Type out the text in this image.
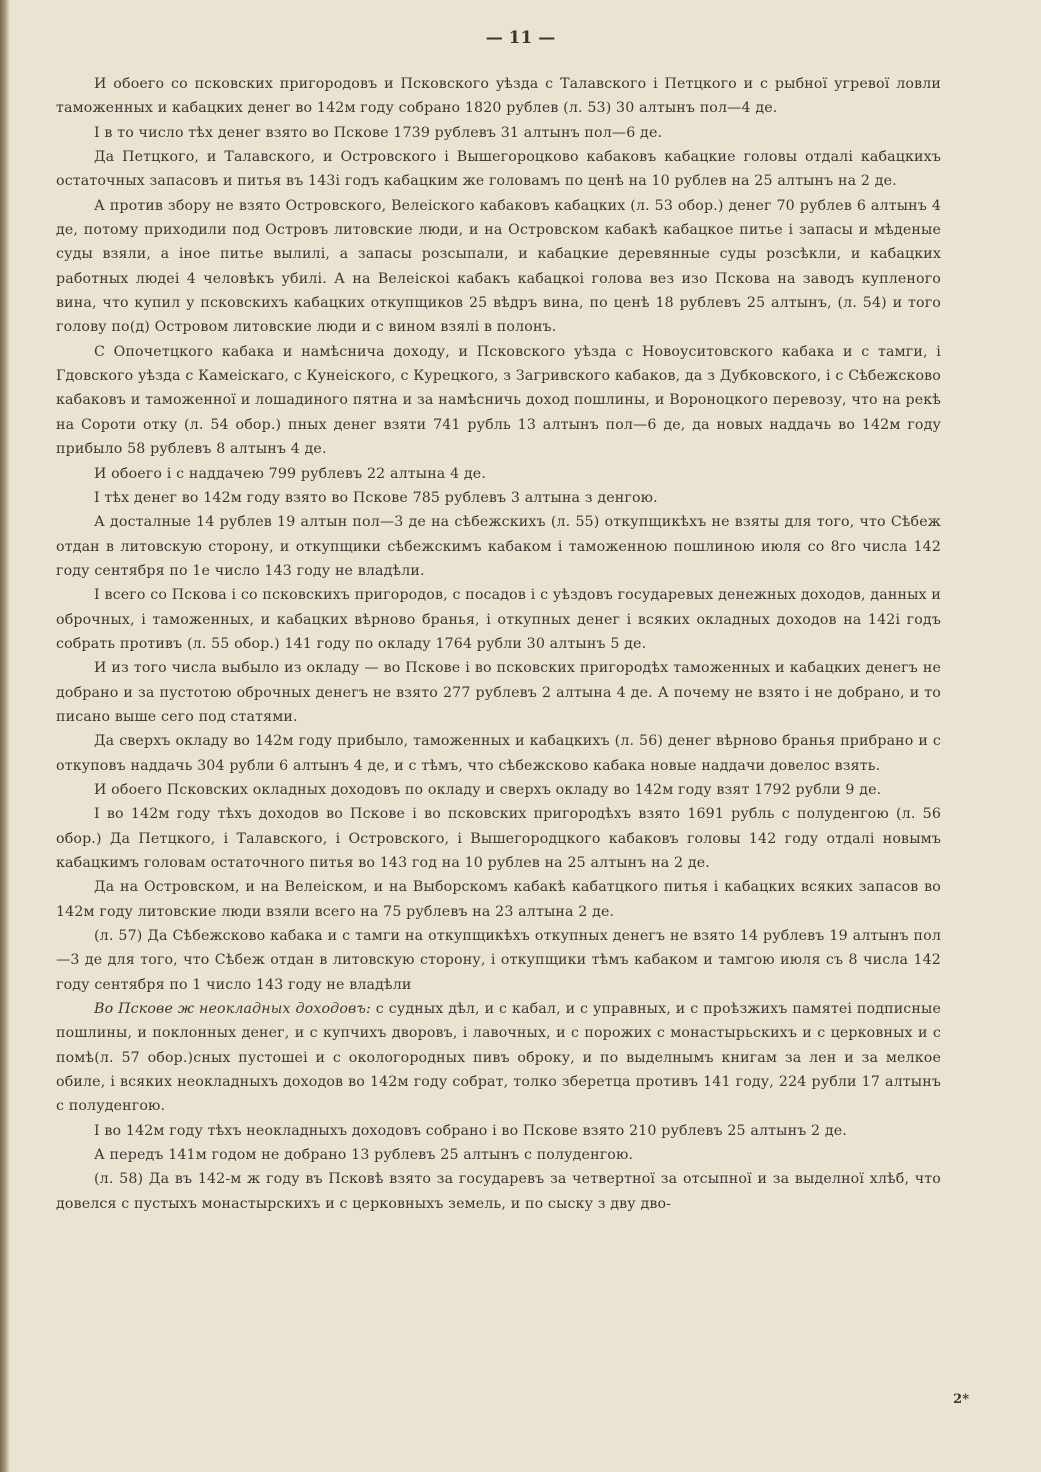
— 11 —

И обоего со псковских пригородовъ и Псковского уѣзда с Талавского і Петцкого и с рыбної угревої ловли таможенных и кабацких денег во 142м году собрано 1820 рублев (л. 53) 30 алтынъ пол—4 де.

І в то число тѣх денег взято во Пскове 1739 рублевъ 31 алтынъ пол—6 де.

Да Петцкого, и Талавского, и Островского і Вышегороцково кабаковъ кабацкие головы отдалі кабацкихъ остаточных запасовъ и питья въ 143і годъ кабацким же головамъ по ценѣ на 10 рублев на 25 алтынъ на 2 де.

А против збору не взято Островского, Велеіского кабаковъ кабацких (л. 53 обор.) денег 70 рублев 6 алтынъ 4 де, потому приходили под Островъ литовские люди, и на Островском кабакѣ кабацкое питье і запасы и мѣденые суды взяли, а іное питье вылилі, а запасы розсыпали, и кабацкие деревянные суды розсѣкли, и кабацких работных людеі 4 человѣкъ убилі. А на Велеіскоі кабакъ кабацкоі голова вез изо Пскова на заводъ купленого вина, что купил у псковскихъ кабацких откупщиков 25 вѣдръ вина, по ценѣ 18 рублевъ 25 алтынъ, (л. 54) и того голову по(д) Островом литовские люди и с вином взялі в полонъ.

С Опочетцкого кабака и намѣснича доходу, и Псковского уѣзда с Новоуситовского кабака и с тамги, і Гдовского уѣзда с Камеіскаго, с Кунеіского, с Курецкого, з Загривского кабаков, да з Дубковского, і с Сѣбежсково кабаковъ и таможенної и лошадиного пятна и за намѣсничь доход пошлины, и Вороноцкого перевозу, что на рекѣ на Сороти отку (л. 54 обор.) пных денег взяти 741 рубль 13 алтынъ пол—6 де, да новых наддачь во 142м году прибыло 58 рублевъ 8 алтынъ 4 де.

И обоего і с наддачею 799 рублевъ 22 алтына 4 де.

І тѣх денег во 142м году взято во Пскове 785 рублевъ 3 алтына з денгою.

А досталные 14 рублев 19 алтын пол—3 де на сѣбежскихъ (л. 55) откупщикѣхъ не взяты для того, что Сѣбеж отдан в литовскую сторону, и откупщики сѣбежскимъ кабаком і таможенною пошлиною июля со 8го числа 142 году сентября по 1е число 143 году не владѣли.

І всего со Пскова і со псковскихъ пригородов, с посадов і с уѣздовъ государевых денежных доходов, данных и оброчных, і таможенных, и кабацких вѣрново бранья, і откупных денег і всяких окладных доходов на 142і годъ собрать противъ (л. 55 обор.) 141 году по окладу 1764 рубли 30 алтынъ 5 де.

И из того числа выбыло из окладу — во Пскове і во псковских пригородѣх таможенных и кабацких денегъ не добрано и за пустотою оброчных денегъ не взято 277 рублевъ 2 алтына 4 де. А почему не взято і не добрано, и то писано выше сего под статями.

Да сверхъ окладу во 142м году прибыло, таможенных и кабацкихъ (л. 56) денег вѣрново бранья прибрано и с откуповъ наддачь 304 рубли 6 алтынъ 4 де, и с тѣмъ, что сѣбежсково кабака новые наддачи довелос взять.

И обоего Псковских окладных доходовъ по окладу и сверхъ окладу во 142м году взят 1792 рубли 9 де.

І во 142м году тѣхъ доходов во Пскове і во псковских пригородѣхъ взято 1691 рубль с полуденгою (л. 56 обор.) Да Петцкого, і Талавского, і Островского, і Вышегородцкого кабаковъ головы 142 году отдалі новымъ кабацкимъ головам остаточного питья во 143 год на 10 рублев на 25 алтынъ на 2 де.

Да на Островском, и на Велеіском, и на Выборскомъ кабакѣ кабатцкого питья і кабацких всяких запасов во 142м году литовские люди взяли всего на 75 рублевъ на 23 алтына 2 де.

(л. 57) Да Сѣбежсково кабака и с тамги на откупщикѣхъ откупных денегъ не взято 14 рублевъ 19 алтынъ пол—3 де для того, что Сѣбеж отдан в литовскую сторону, і откупщики тѣмъ кабаком и тамгою июля съ 8 числа 142 году сентября по 1 число 143 году не владѣли

Во Пскове ж неокладных доходовъ: с судных дѣл, и с кабал, и с управных, и с проѣзжихъ памятеі подписные пошлины, и поклонных денег, и с купчихъ дворовъ, і лавочных, и с порожих с монастырьскихъ и с церковных и с помѣ(л. 57 обор.)сных пустошеі и с окологородных пивъ оброку, и по выделнымъ книгам за лен и за мелкое обиле, і всяких неокладныхъ доходов во 142м году собрат, толко зберетца противъ 141 году, 224 рубли 17 алтынъ с полуденгою.

І во 142м году тѣхъ неокладныхъ доходовъ собрано і во Пскове взято 210 рублевъ 25 алтынъ 2 де.

А передъ 141м годом не добрано 13 рублевъ 25 алтынъ с полуденгою.

(л. 58) Да въ 142-м ж году въ Псковѣ взято за государевъ за четвертної за отсыпної и за выделної хлѣб, что довелся с пустыхъ монастырскихъ и с церковныхъ земель, и по сыску з дву дво-

2*
